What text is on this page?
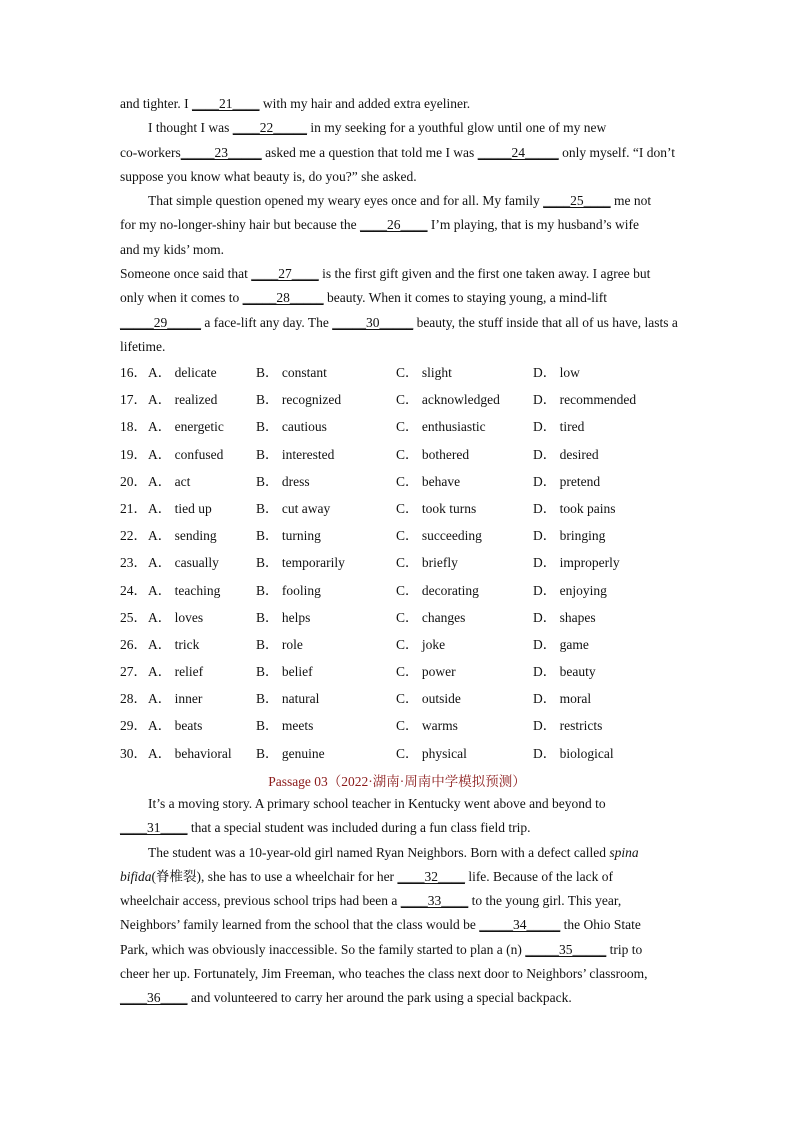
and tighter. I ____21____ with my hair and added extra eyeliner.
I thought I was ____22_____ in my seeking for a youthful glow until one of my new
co-workers_____23_____ asked me a question that told me I was _____24_____ only myself. “I don’t
suppose you know what beauty is, do you?” she asked.
That simple question opened my weary eyes once and for all. My family ____25____ me not
for my no-longer-shiny hair but because the ____26____ I’m playing, that is my husband’s wife
and my kids’ mom.
Someone once said that ____27____ is the first gift given and the first one taken away. I agree but
only when it comes to _____28_____ beauty. When it comes to staying young, a mind-lift
_____29_____ a face-lift any day. The _____30_____ beauty, the stuff inside that all of us have, lasts a
lifetime.
16． A． delicate	B． constant	C． slight	D． low
17． A． realized	B． recognized	C． acknowledged D． recommended
18． A． energetic B． cautious	C． enthusiastic	D． tired
19． A． confused B． interested	C． bothered	D． desired
20． A． act	B． dress	C． behave	D． pretend
21． A． tied up	B． cut away	C． took turns	D． took pains
22． A． sending	B． turning	C． succeeding	D． bringing
23． A． casually	B． temporarily	C． briefly	D． improperly
24． A． teaching	B． fooling	C． decorating	D． enjoying
25． A． loves	B． helps	C． changes	D． shapes
26． A． trick	B． role	C． joke	D． game
27． A． relief	B． belief	C． power	D． beauty
28． A． inner	B． natural	C． outside	D． moral
29． A． beats	B． meets	C． warms	D． restricts
30． A． behavioral B． genuine	C． physical	D． biological
Passage 03（2022·湖南·周南中学模拟预测）
It’s a moving story. A primary school teacher in Kentucky went above and beyond to
____31____ that a special student was included during a fun class field trip.
The student was a 10-year-old girl named Ryan Neighbors. Born with a defect called spina
bifida(脊椎裂), she has to use a wheelchair for her ____32____ life. Because of the lack of
wheelchair access, previous school trips had been a ____33____ to the young girl. This year,
Neighbors’ family learned from the school that the class would be _____34_____ the Ohio State
Park, which was obviously inaccessible. So the family started to plan a (n) _____35_____ trip to
cheer her up. Fortunately, Jim Freeman, who teaches the class next door to Neighbors’ classroom,
____36____ and volunteered to carry her around the park using a special backpack.
